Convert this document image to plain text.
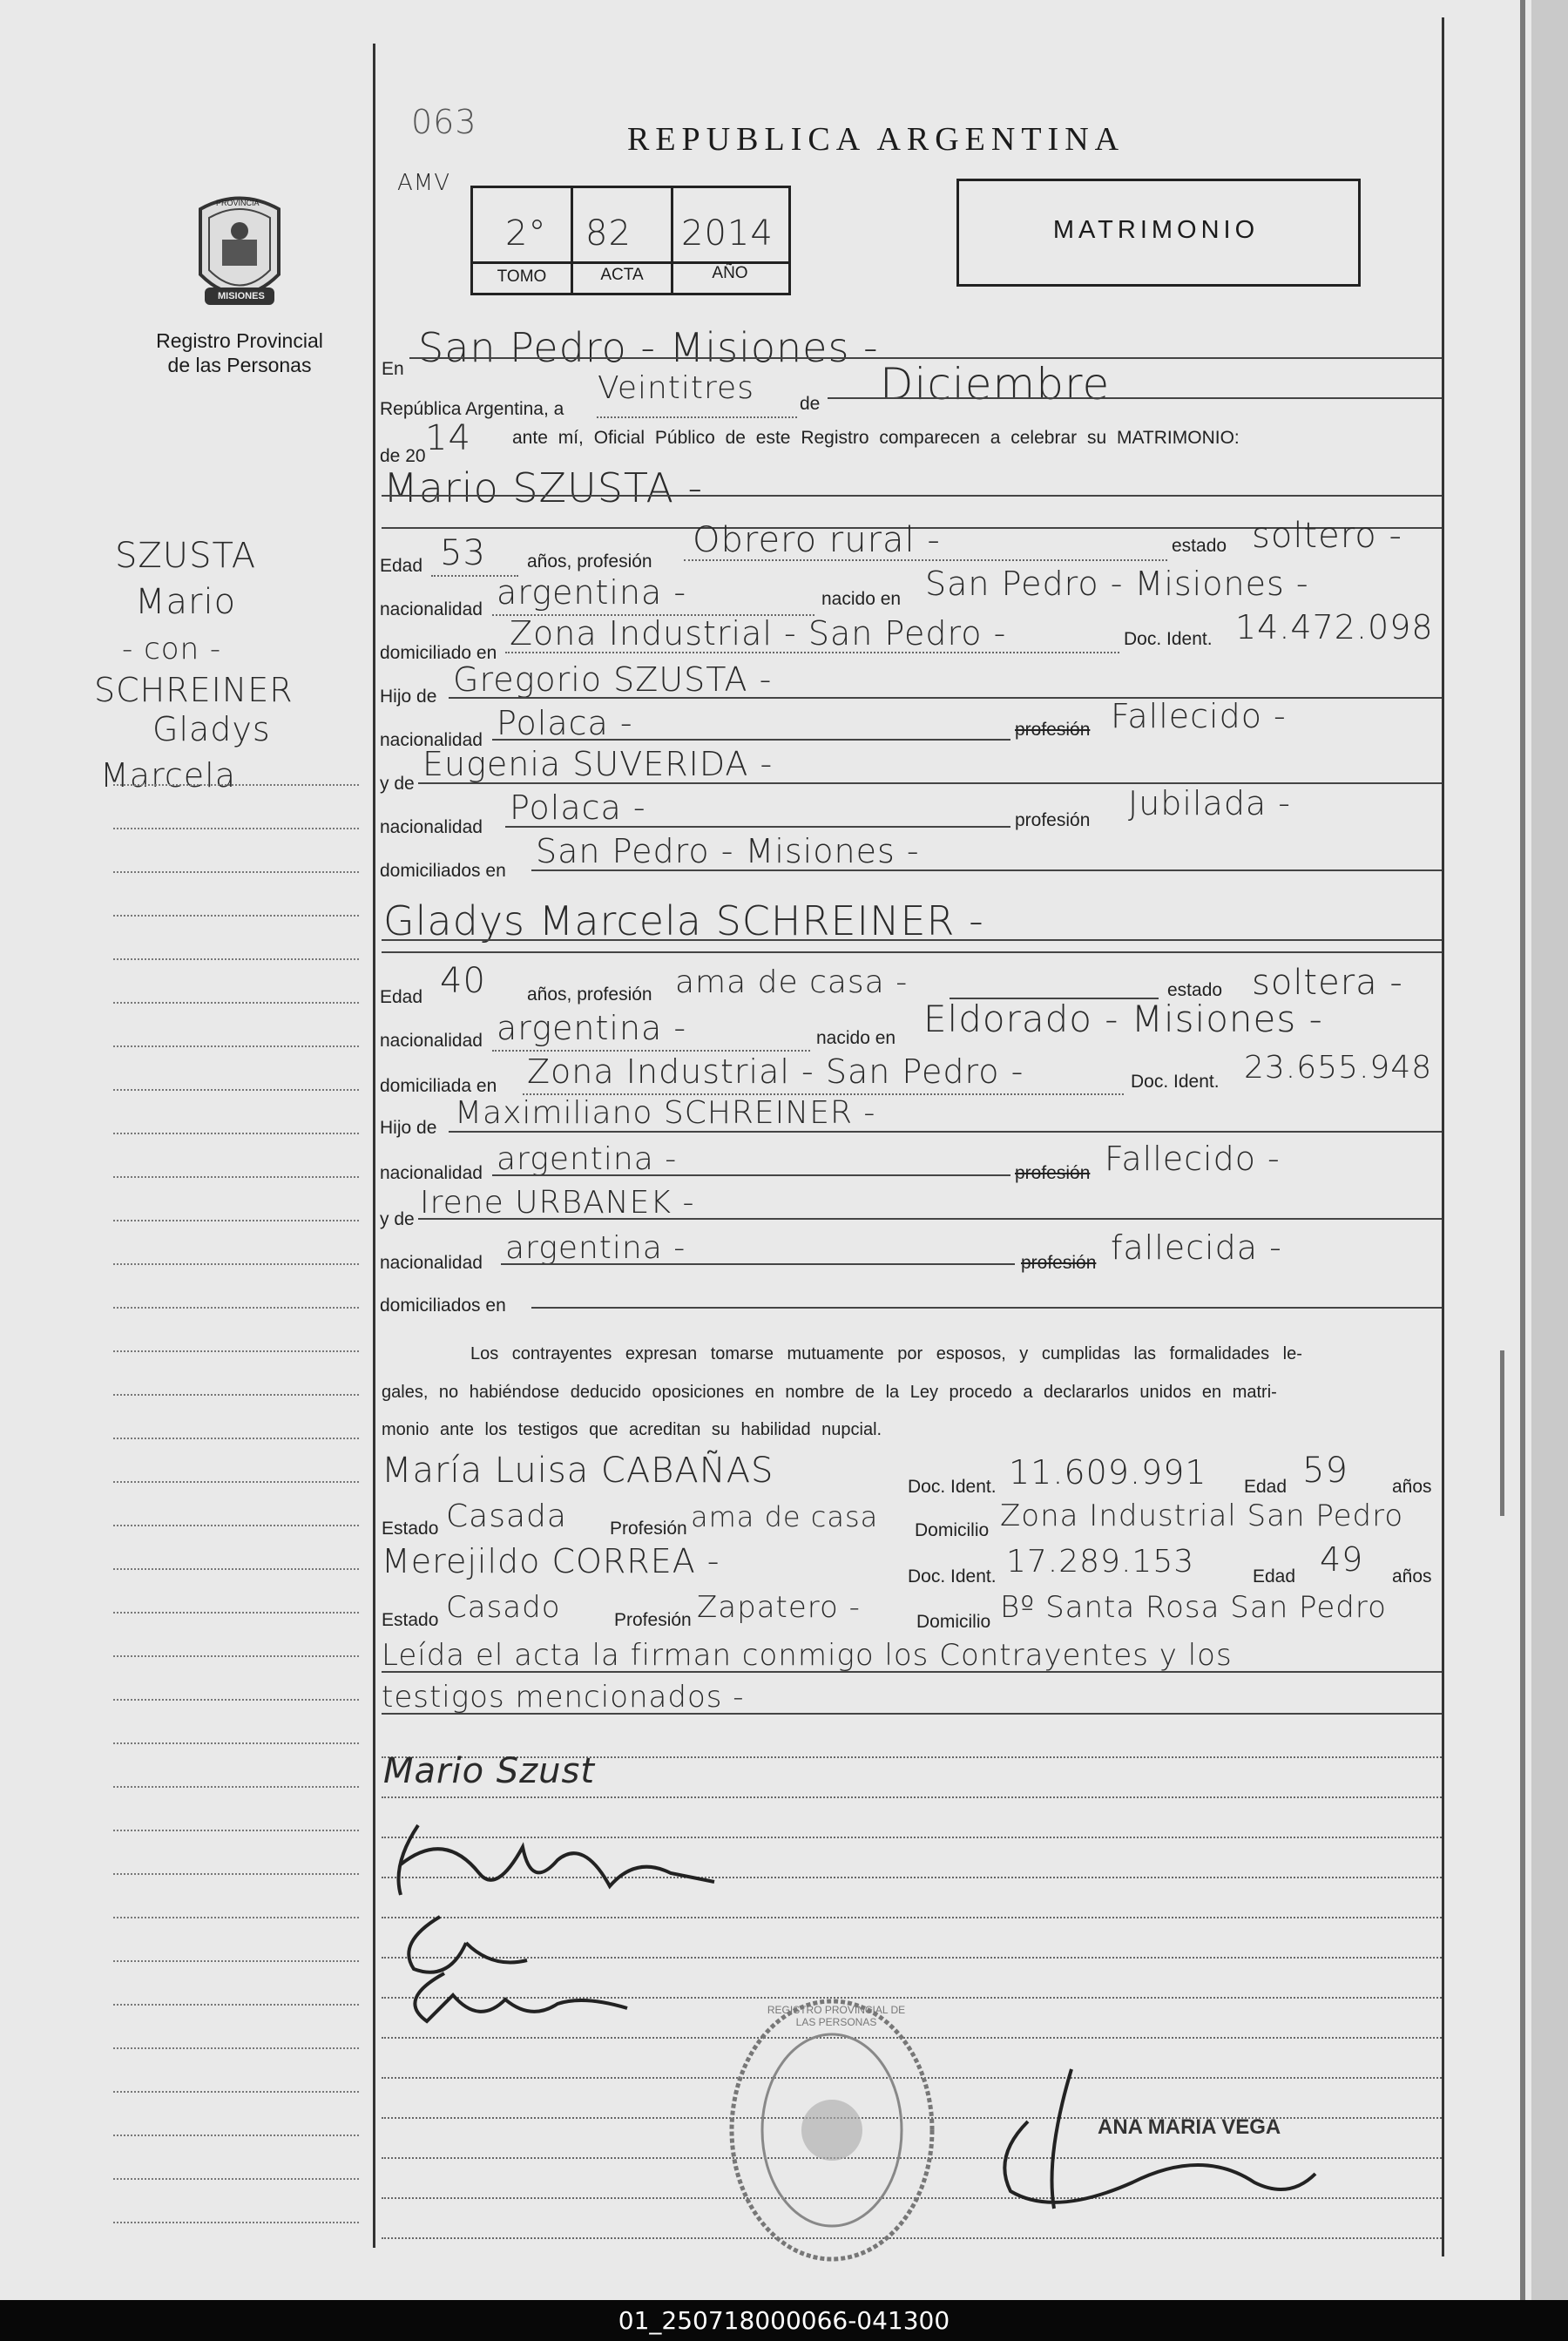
PROVINCIA
MISIONES
Registro Provincial
de las Personas
SZUSTA
Mario
- con -
SCHREINER
Gladys
Marcela
063
AMV
REPUBLICA ARGENTINA
2° 82 2014
TOMO	ACTA	AÑO
MATRIMONIO
En San Pedro - Misiones -
República Argentina, a
Veintitres de Diciembre
de 20 14 ante mí, Oficial Público de este Registro comparecen a celebrar su MATRIMONIO:
Mario SZUSTA -
Edad 53 años, profesión
Obrero rural -	estado soltero -
nacionalidad argentina -	nacido en San Pedro - Misiones -
domiciliado en
Zona Industrial - San Pedro -	Doc. Ident. 14.472.098
Hijo de Gregorio SZUSTA -
nacionalidad Polaca -	profesión Fallecido -
y de
Eugenia SUVERIDA -
nacionalidad
Polaca -	profesión Jubilada -
domiciliados en
San Pedro - Misiones -
Gladys Marcela SCHREINER -
Edad 40 años, profesión ama de casa -	estado soltera -
nacionalidad argentina -	nacido en Eldorado - Misiones -
domiciliada en Zona Industrial - San Pedro -	Doc. Ident. 23.655.948
Hijo de Maximiliano SCHREINER -
nacionalidad argentina -	profesión Fallecido -
y de Irene URBANEK -
nacionalidad argentina -	profesión fallecida -
domiciliados en
Los contrayentes expresan tomarse mutuamente por esposos, y cumplidas las formalidades le-
gales, no habiéndose deducido oposiciones en nombre de la Ley procedo a declararlos unidos en matri-
monio ante los testigos que acreditan su habilidad nupcial.
María Luisa CABAÑAS	Doc. Ident. 11.609.991 Edad 59 años
Estado Casada Profesión ama de casa Domicilio Zona Industrial San Pedro
Merejildo CORREA -	Doc. Ident. 17.289.153	Edad 49 años
Estado Casado	Profesión Zapatero -	Domicilio Bº Santa Rosa San Pedro
Leída el acta la firman conmigo los Contrayentes y los
testigos mencionados -
Mario Szust
REGISTRO PROVINCIAL DE LAS PERSONAS
ANA MARIA VEGA
01_250718000066-041300
